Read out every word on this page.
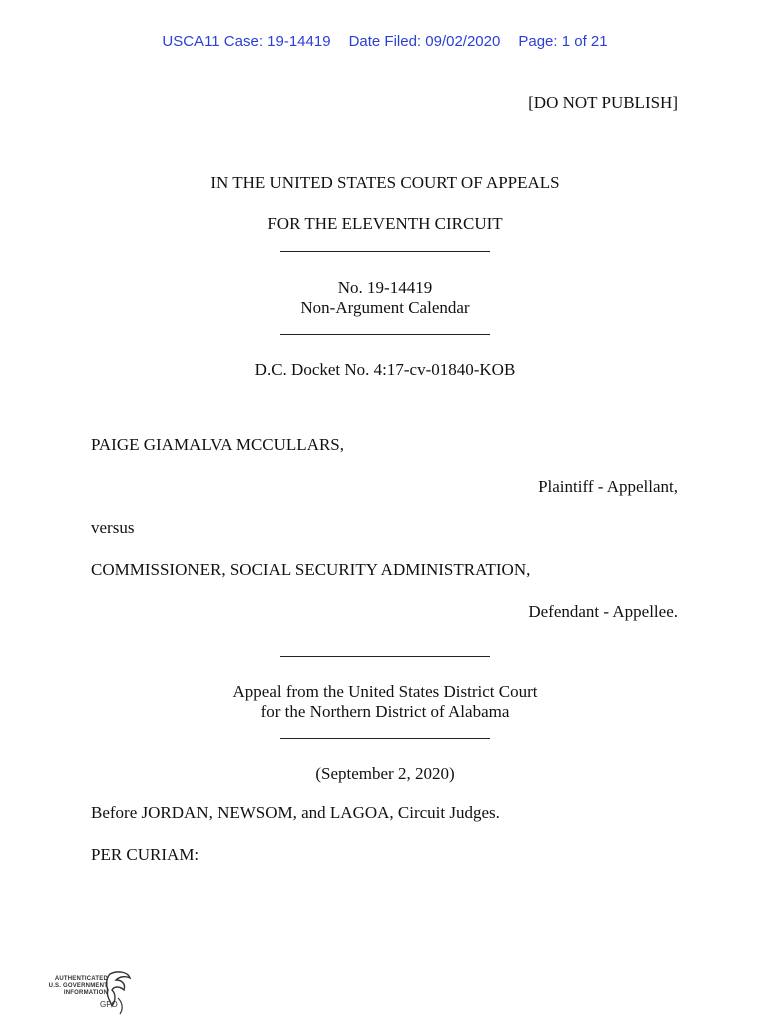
USCA11 Case: 19-14419 Date Filed: 09/02/2020 Page: 1 of 21
[DO NOT PUBLISH]
IN THE UNITED STATES COURT OF APPEALS
FOR THE ELEVENTH CIRCUIT
No. 19-14419
Non-Argument Calendar
D.C. Docket No. 4:17-cv-01840-KOB
PAIGE GIAMALVA MCCULLARS,
Plaintiff - Appellant,
versus
COMMISSIONER, SOCIAL SECURITY ADMINISTRATION,
Defendant - Appellee.
Appeal from the United States District Court
for the Northern District of Alabama
(September 2, 2020)
Before JORDAN, NEWSOM, and LAGOA, Circuit Judges.
PER CURIAM:
AUTHENTICATED
U.S. GOVERNMENT
INFORMATION
GPO
